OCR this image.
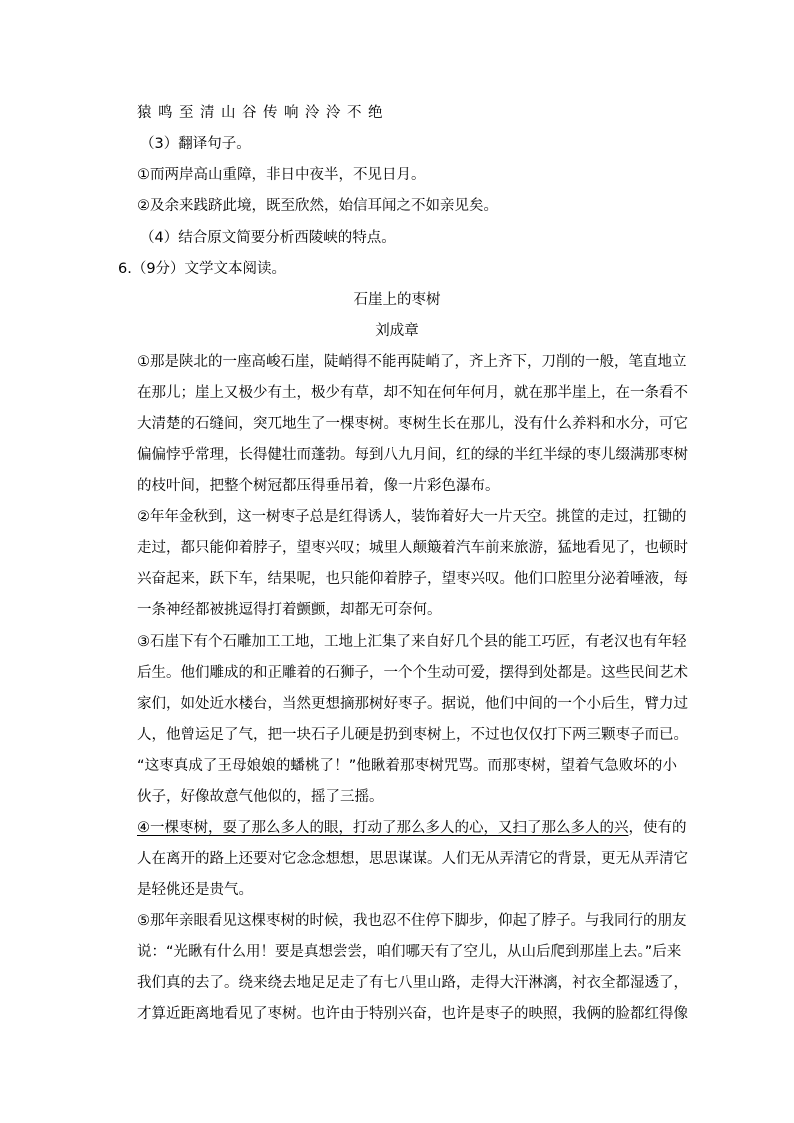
猿鸣至清山谷传响泠泠不绝
（3）翻译句子。
①而两岸高山重障，非日中夜半，不见日月。
②及余来践跻此境，既至欣然，始信耳闻之不如亲见矣。
（4）结合原文简要分析西陵峡的特点。
6.（9分）文学文本阅读。
石崖上的枣树
刘成章
①那是陕北的一座高峻石崖，陡峭得不能再陡峭了，齐上齐下，刀削的一般，笔直地立
在那儿；崖上又极少有土，极少有草，却不知在何年何月，就在那半崖上，在一条看不
大清楚的石缝间，突兀地生了一棵枣树。枣树生长在那儿，没有什么养料和水分，可它
偏偏悖乎常理，长得健壮而蓬勃。每到八九月间，红的绿的半红半绿的枣儿缀满那枣树
的枝叶间，把整个树冠都压得垂吊着，像一片彩色瀑布。
②年年金秋到，这一树枣子总是红得诱人，装饰着好大一片天空。挑筐的走过，扛锄的
走过，都只能仰着脖子，望枣兴叹；城里人颠簸着汽车前来旅游，猛地看见了，也顿时
兴奋起来，跃下车，结果呢，也只能仰着脖子，望枣兴叹。他们口腔里分泌着唾液，每
一条神经都被挑逗得打着颤颤，却都无可奈何。
③石崖下有个石雕加工工地，工地上汇集了来自好几个县的能工巧匠，有老汉也有年轻
后生。他们雕成的和正雕着的石狮子，一个个生动可爱，摆得到处都是。这些民间艺术
家们，如处近水楼台，当然更想摘那树好枣子。据说，他们中间的一个小后生，臂力过
人，他曾运足了气，把一块石子儿硬是扔到枣树上，不过也仅仅打下两三颗枣子而已。
“这枣真成了王母娘娘的蟠桃了！”他瞅着那枣树咒骂。而那枣树，望着气急败坏的小
伙子，好像故意气他似的，摇了三摇。
④一棵枣树，耍了那么多人的眼，打动了那么多人的心，又扫了那么多人的兴，使有的
人在离开的路上还要对它念念想想，思思谋谋。人们无从弄清它的背景，更无从弄清它
是轻佻还是贵气。
⑤那年亲眼看见这棵枣树的时候，我也忍不住停下脚步，仰起了脖子。与我同行的朋友
说：“光瞅有什么用！要是真想尝尝，咱们哪天有了空儿，从山后爬到那崖上去。”后来
我们真的去了。绕来绕去地足足走了有七八里山路，走得大汗淋漓，衬衣全都湿透了，
才算近距离地看见了枣树。也许由于特别兴奋，也许是枣子的映照，我俩的脸都红得像
